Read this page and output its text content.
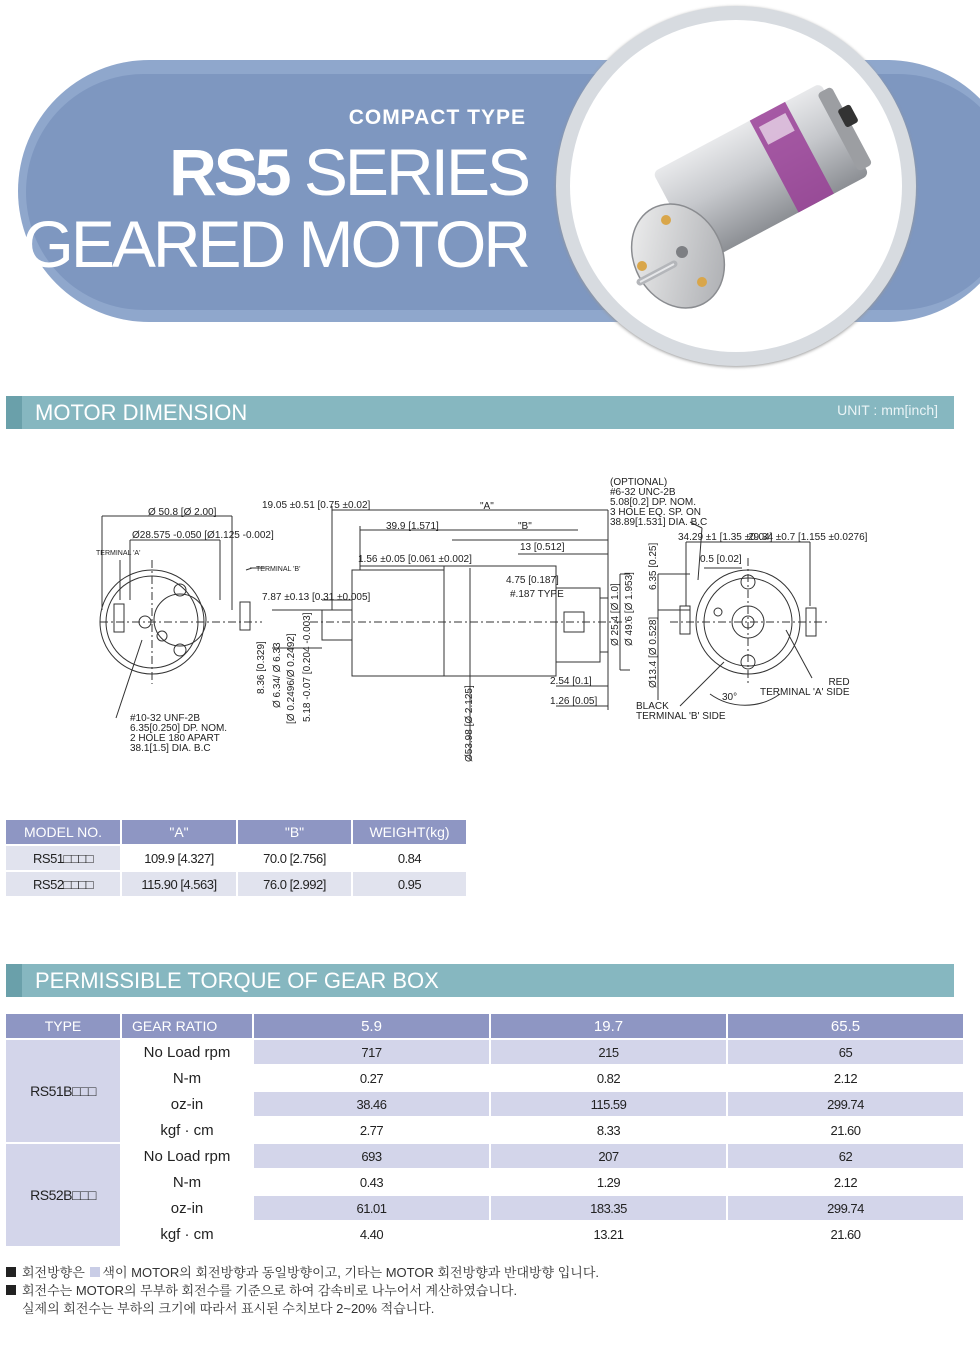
COMPACT TYPE
RS5 SERIES
GEARED MOTOR
MOTOR DIMENSION	UNIT : mm[inch]
Ø 50.8 [Ø 2.00]
Ø28.575 -0.050 [Ø1.125 -0.002]
TERMINAL 'A'
TERMINAL 'B'
#10-32 UNF-2B
6.35[0.250] DP. NOM.
2 HOLE 180 APART
38.1[1.5] DIA. B.C
"A"
"B"
19.05 ±0.51 [0.75 ±0.02]
39.9 [1.571]
1.56 ±0.05 [0.061 ±0.002]
13 [0.512]
4.75 [0.187]
#.187 TYPE
7.87 ±0.13 [0.31 ±0.005]
2.54 [0.1]
1.26 [0.05]
8.36 [0.329] Ø 6.34/ Ø 6.33 [Ø 0.2496/Ø 0.2492] 5.18 -0.07 [0.204 -0.003]
Ø53.98 [Ø 2.125]
Ø 25.4 [Ø 1.0] Ø 49.6 [Ø 1.953]
(OPTIONAL)
#6-32 UNC-2B
5.08[0.2] DP. NOM.
3 HOLE EQ. SP. ON
38.89[1.531] DIA. B.C
34.29 ±1 [1.35 ±0.04]
29.34 ±0.7 [1.155 ±0.0276]
0.5 [0.02]
6.35 [0.25]
Ø13.4 [Ø 0.528]
30°
RED
TERMINAL 'A' SIDE
BLACK
TERMINAL 'B' SIDE
MODEL NO.	"A"	"B"	WEIGHT(kg)
RS51□□□□	109.9 [4.327]	70.0 [2.756]	0.84
RS52□□□□	115.90 [4.563]	76.0 [2.992]	0.95
PERMISSIBLE TORQUE OF GEAR BOX
TYPE	GEAR RATIO	5.9	19.7	65.5
RS51B□□□	No Load rpm	717	215	65
	N-m	0.27	0.82	2.12
	oz-in	38.46	115.59	299.74
	kgf · cm	2.77	8.33	21.60
RS52B□□□	No Load rpm	693	207	62
	N-m	0.43	1.29	2.12
	oz-in	61.01	183.35	299.74
	kgf · cm	4.40	13.21	21.60
회전방향은 색이 MOTOR의 회전방향과 동일방향이고, 기타는 MOTOR 회전방향과 반대방향 입니다.
회전수는 MOTOR의 무부하 회전수를 기준으로 하여 감속비로 나누어서 계산하였습니다.
실제의 회전수는 부하의 크기에 따라서 표시된 수치보다 2~20% 적습니다.
